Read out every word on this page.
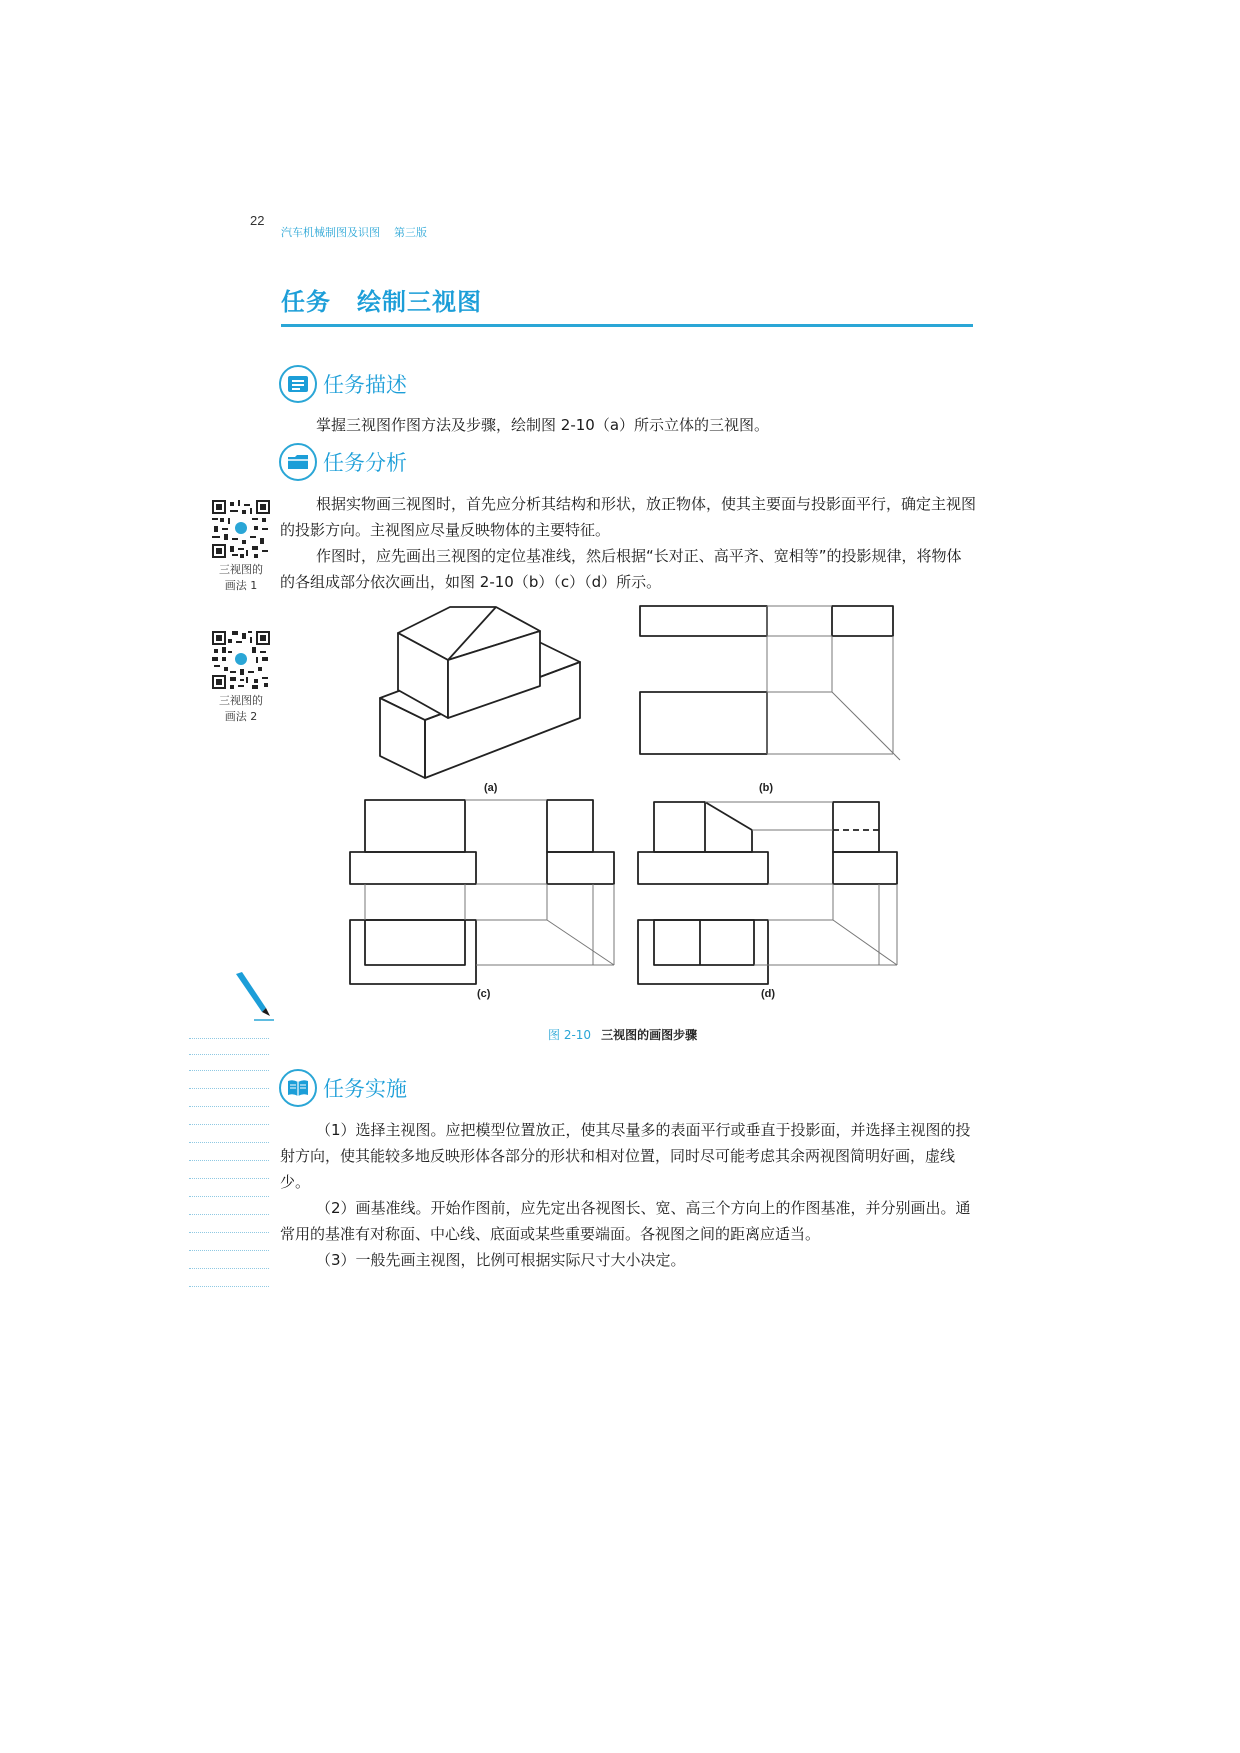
22
汽车机械制图及识图 第三版
任务 绘制三视图
任务描述
掌握三视图作图方法及步骤，绘制图 2-10（a）所示立体的三视图。
任务分析

根据实物画三视图时，首先应分析其结构和形状，放正物体，使其主要面与投影面平行，确定主视图的投影方向。主视图应尽量反映物体的主要特征。

作图时，应先画出三视图的定位基准线，然后根据“长对正、高平齐、宽相等”的投影规律，将物体的各组成部分依次画出，如图 2-10（b）（c）（d）所示。

三视图的
画法 1
三视图的
画法 2
(a)	(b)
(c)	(d)
图 2-10 三视图的画图步骤
任务实施

（1）选择主视图。应把模型位置放正，使其尽量多的表面平行或垂直于投影面，并选择主视图的投射方向，使其能较多地反映形体各部分的形状和相对位置，同时尽可能考虑其余两视图简明好画，虚线少。

（2）画基准线。开始作图前，应先定出各视图长、宽、高三个方向上的作图基准，并分别画出。通常用的基准有对称面、中心线、底面或某些重要端面。各视图之间的距离应适当。

（3）一般先画主视图，比例可根据实际尺寸大小决定。
